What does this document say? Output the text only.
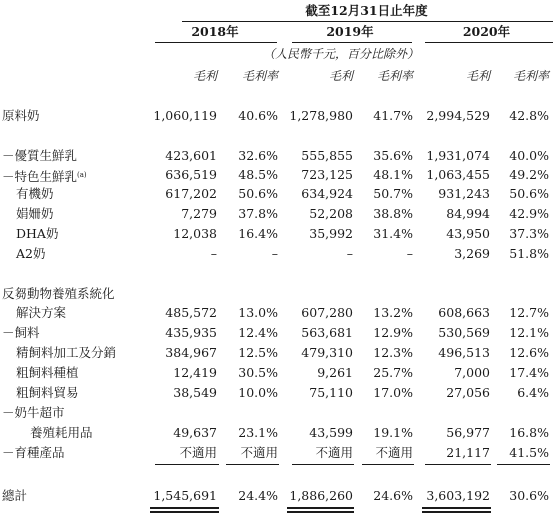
截至12月31日止年度
2018年	2019年	2020年
（人民幣千元，百分比除外）
毛利	毛利率	毛利	毛利率	毛利	毛利率
原料奶	1,060,119	40.6% 1,278,980	41.7%	2,994,529	42.8%
－優質生鮮乳	423,601	32.6%	555,855	35.6%	1,931,074	40.0%
－特色生鮮乳$^{(a)}$	636,519	48.5%	723,125	48.1%	1,063,455	49.2%
有機奶	617,202	50.6%	634,924	50.7%	931,243	50.6%
娟姍奶	7,279	37.8%	52,208	38.8%	84,994	42.9%
DHA奶	12,038	16.4%	35,992	31.4%	43,950	37.3%
A2奶	–	–	–	–	3,269	51.8%
反芻動物養殖系統化
解決方案	485,572	13.0%	607,280	13.2%	608,663	12.7%
－飼料	435,935	12.4%	563,681	12.9%	530,569	12.1%
精飼料加工及分銷	384,967	12.5%	479,310	12.3%	496,513	12.6%
粗飼料種植	12,419	30.5%	9,261	25.7%	7,000	17.4%
粗飼料貿易	38,549	10.0%	75,110	17.0%	27,056	6.4%
－奶牛超市
養殖耗用品	49,637	23.1%	43,599	19.1%	56,977	16.8%
－育種產品	不適用	不適用	不適用	不適用	21,117	41.5%
總計	1,545,691	24.4% 1,886,260	24.6%	3,603,192	30.6%
